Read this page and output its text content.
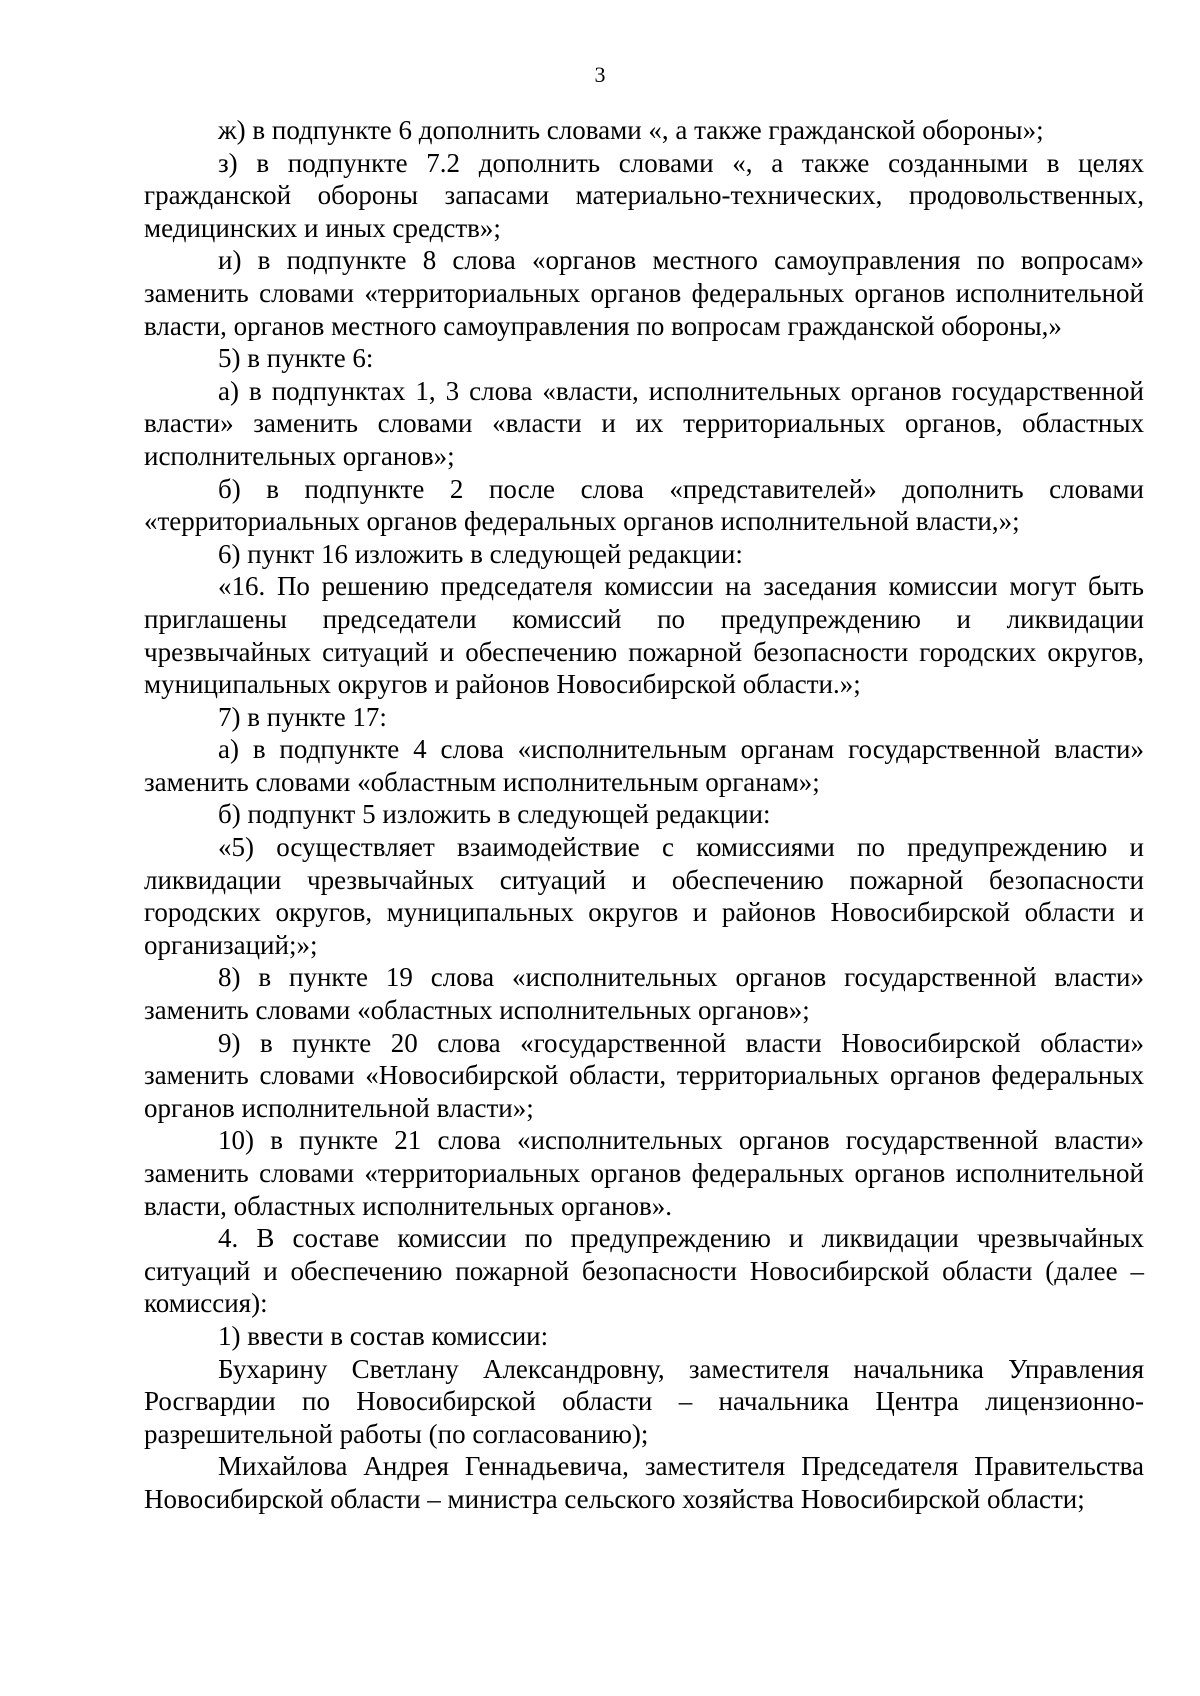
3

ж) в подпункте 6 дополнить словами «, а также гражданской обороны»;

з) в подпункте 7.2 дополнить словами «, а также созданными в целях гражданской обороны запасами материально-технических, продовольственных, медицинских и иных средств»;

и) в подпункте 8 слова «органов местного самоуправления по вопросам» заменить словами «территориальных органов федеральных органов исполнительной власти, органов местного самоуправления по вопросам гражданской обороны,»

5) в пункте 6:

а) в подпунктах 1, 3 слова «власти, исполнительных органов государственной власти» заменить словами «власти и их территориальных органов, областных исполнительных органов»;

б) в подпункте 2 после слова «представителей» дополнить словами «территориальных органов федеральных органов исполнительной власти,»;

6) пункт 16 изложить в следующей редакции:

«16. По решению председателя комиссии на заседания комиссии могут быть приглашены председатели комиссий по предупреждению и ликвидации чрезвычайных ситуаций и обеспечению пожарной безопасности городских округов, муниципальных округов и районов Новосибирской области.»;

7) в пункте 17:

а) в подпункте 4 слова «исполнительным органам государственной власти» заменить словами «областным исполнительным органам»;

б) подпункт 5 изложить в следующей редакции:

«5) осуществляет взаимодействие с комиссиями по предупреждению и ликвидации чрезвычайных ситуаций и обеспечению пожарной безопасности городских округов, муниципальных округов и районов Новосибирской области и организаций;»;

8) в пункте 19 слова «исполнительных органов государственной власти» заменить словами «областных исполнительных органов»;

9) в пункте 20 слова «государственной власти Новосибирской области» заменить словами «Новосибирской области, территориальных органов федеральных органов исполнительной власти»;

10) в пункте 21 слова «исполнительных органов государственной власти» заменить словами «территориальных органов федеральных органов исполнительной власти, областных исполнительных органов».

4. В составе комиссии по предупреждению и ликвидации чрезвычайных ситуаций и обеспечению пожарной безопасности Новосибирской области (далее – комиссия):

1) ввести в состав комиссии:

Бухарину Светлану Александровну, заместителя начальника Управления Росгвардии по Новосибирской области – начальника Центра лицензионно-разрешительной работы (по согласованию);

Михайлова Андрея Геннадьевича, заместителя Председателя Правительства Новосибирской области – министра сельского хозяйства Новосибирской области;
